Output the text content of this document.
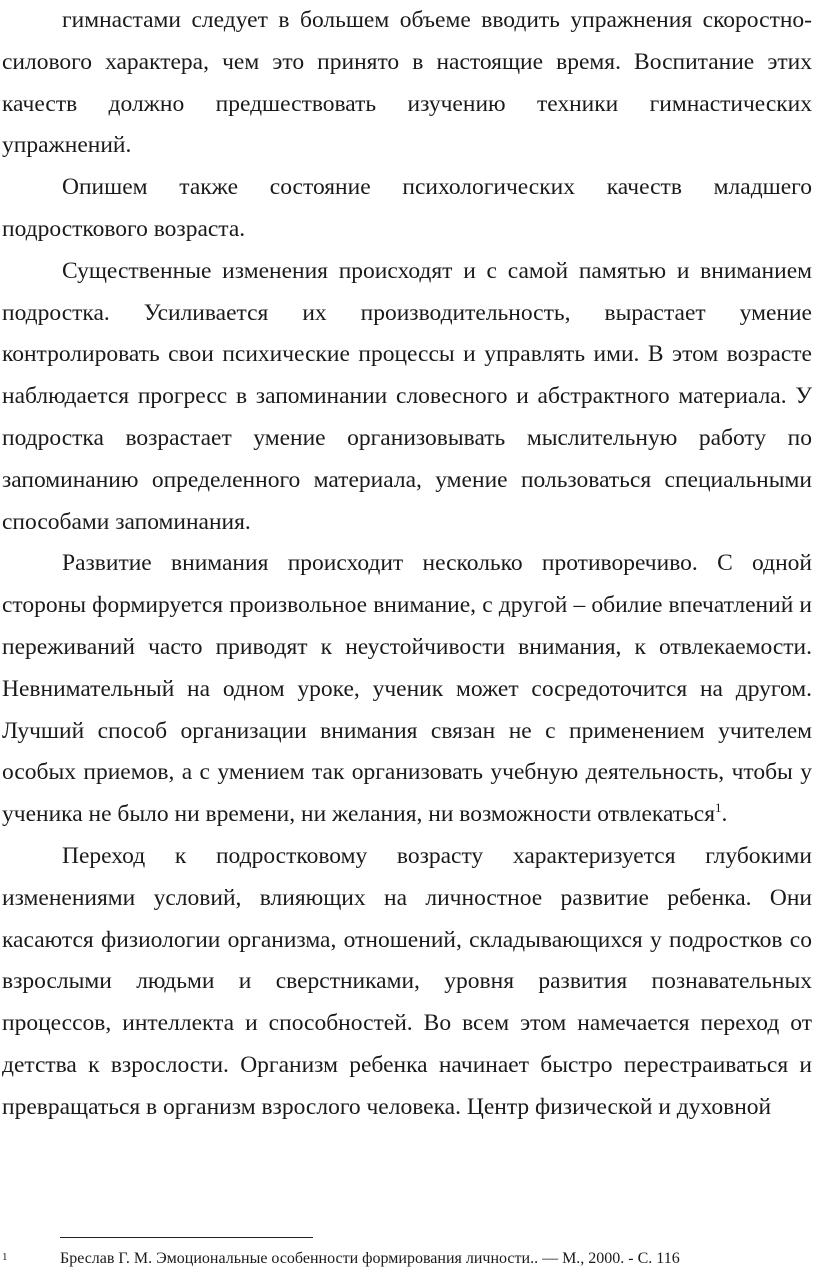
гимнастами следует в большем объеме вводить упражнения скоростно-силового характера, чем это принято в настоящие время. Воспитание этих качеств должно предшествовать изучению техники гимнастических упражнений.

Опишем также состояние психологических качеств младшего подросткового возраста.

Существенные изменения происходят и с самой памятью и вниманием подростка. Усиливается их производительность, вырастает умение контролировать свои психические процессы и управлять ими. В этом возрасте наблюдается прогресс в запоминании словесного и абстрактного материала. У подростка возрастает умение организовывать мыслительную работу по запоминанию определенного материала, умение пользоваться специальными способами запоминания.

Развитие внимания происходит несколько противоречиво. С одной стороны формируется произвольное внимание, с другой – обилие впечатлений и переживаний часто приводят к неустойчивости внимания, к отвлекаемости. Невнимательный на одном уроке, ученик может сосредоточится на другом. Лучший способ организации внимания связан не с применением учителем особых приемов, а с умением так организовать учебную деятельность, чтобы у ученика не было ни времени, ни желания, ни возможности отвлекаться$^1$.

Переход к подростковому возрасту характеризуется глубокими изменениями условий, влияющих на личностное развитие ребенка. Они касаются физиологии организма, отношений, складывающихся у подростков со взрослыми людьми и сверстниками, уровня развития познавательных процессов, интеллекта и способностей. Во всем этом намечается переход от детства к взрослости. Организм ребенка начинает быстро перестраиваться и превращаться в организм взрослого человека. Центр физической и духовной

1	Бреслав Г. М. Эмоциональные особенности формирования личности.. — М., 2000. - С. 116
